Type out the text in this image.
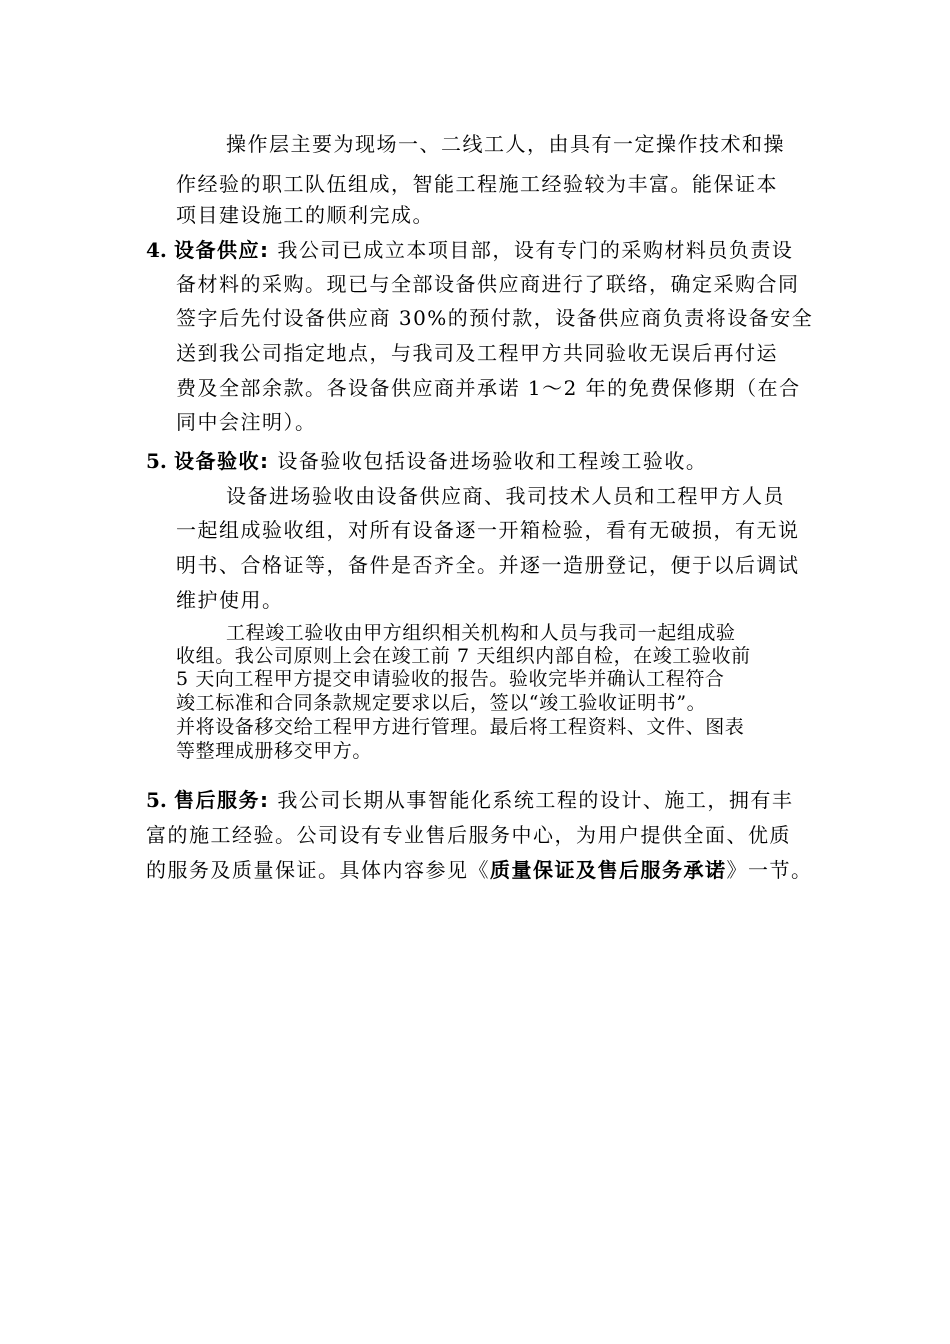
操作层主要为现场一、二线工人，由具有一定操作技术和操
作经验的职工队伍组成，智能工程施工经验较为丰富。能保证本
项目建设施工的顺利完成。
4. 设备供应: 我公司已成立本项目部，设有专门的采购材料员负责设
备材料的采购。现已与全部设备供应商进行了联络，确定采购合同
签字后先付设备供应商 30%的预付款，设备供应商负责将设备安全
送到我公司指定地点，与我司及工程甲方共同验收无误后再付运
费及全部余款。各设备供应商并承诺 1～2 年的免费保修期（在合
同中会注明）。
5. 设备验收: 设备验收包括设备进场验收和工程竣工验收。
设备进场验收由设备供应商、我司技术人员和工程甲方人员
一起组成验收组，对所有设备逐一开箱检验，看有无破损，有无说
明书、合格证等，备件是否齐全。并逐一造册登记，便于以后调试
维护使用。
工程竣工验收由甲方组织相关机构和人员与我司一起组成验
收组。我公司原则上会在竣工前 7 天组织内部自检，在竣工验收前
5 天向工程甲方提交申请验收的报告。验收完毕并确认工程符合
竣工标准和合同条款规定要求以后，签以“竣工验收证明书”。
并将设备移交给工程甲方进行管理。最后将工程资料、文件、图表
等整理成册移交甲方。
5. 售后服务: 我公司长期从事智能化系统工程的设计、施工，拥有丰
富的施工经验。公司设有专业售后服务中心，为用户提供全面、优质
的服务及质量保证。具体内容参见《质量保证及售后服务承诺》一节。
